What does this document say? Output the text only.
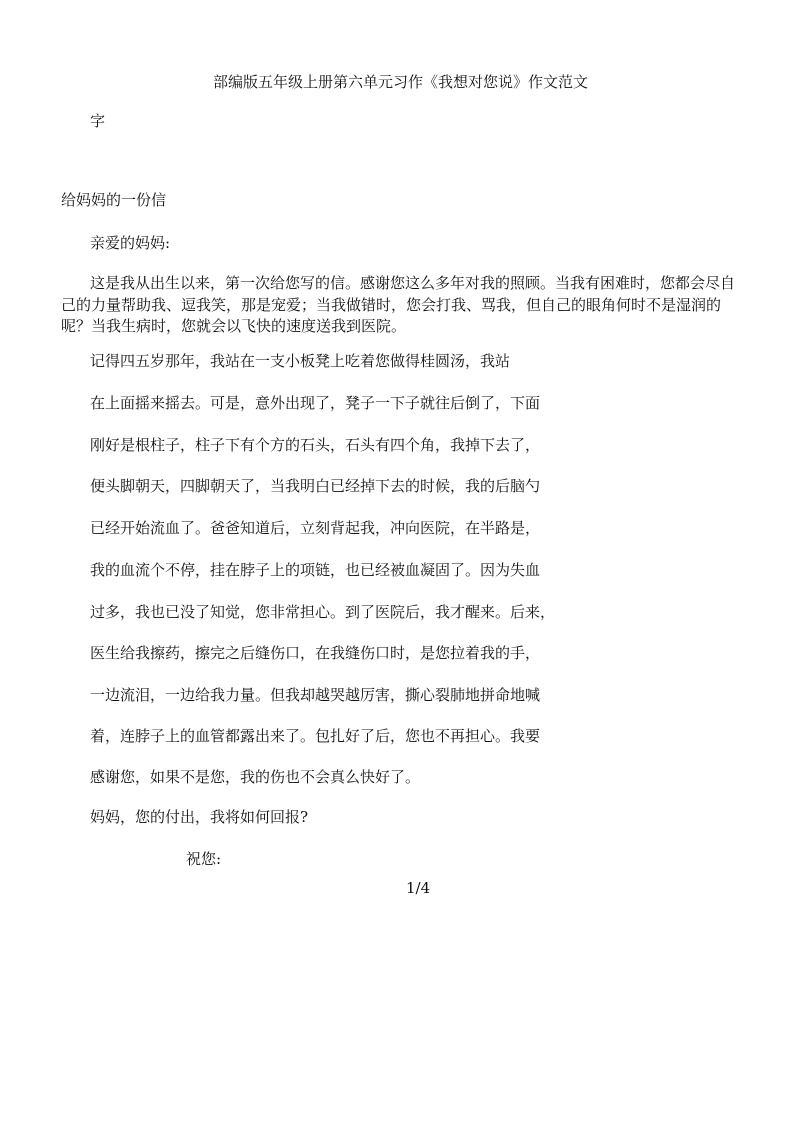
部编版五年级上册第六单元习作《我想对您说》作文范文

字

给妈妈的一份信

亲爱的妈妈:

这是我从出生以来，第一次给您写的信。感谢您这么多年对我的照顾。当我有困难时，您都会尽自己的力量帮助我、逗我笑，那是宠爱；当我做错时，您会打我、骂我，但自己的眼角何时不是湿润的呢？当我生病时，您就会以飞快的速度送我到医院。

记得四五岁那年，我站在一支小板凳上吃着您做得桂圆汤，我站

在上面摇来摇去。可是，意外出现了，凳子一下子就往后倒了，下面

刚好是根柱子，柱子下有个方的石头，石头有四个角，我掉下去了，

便头脚朝天，四脚朝天了，当我明白已经掉下去的时候，我的后脑勺

已经开始流血了。爸爸知道后，立刻背起我，冲向医院，在半路是，

我的血流个不停，挂在脖子上的项链，也已经被血凝固了。因为失血

过多，我也已没了知觉，您非常担心。到了医院后，我才醒来。后来，

医生给我擦药，擦完之后缝伤口，在我缝伤口时，是您拉着我的手，

一边流泪，一边给我力量。但我却越哭越厉害，撕心裂肺地拼命地喊

着，连脖子上的血管都露出来了。包扎好了后，您也不再担心。我要

感谢您，如果不是您，我的伤也不会真么快好了。

妈妈，您的付出，我将如何回报?

祝您:

1/4
